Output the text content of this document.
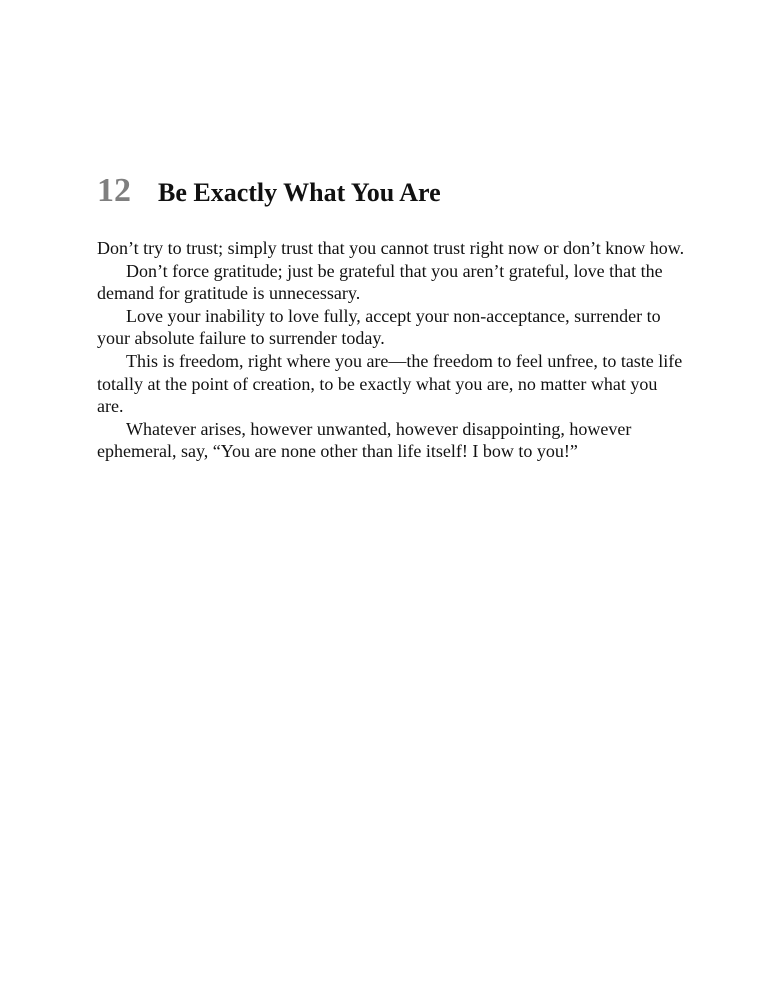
12 Be Exactly What You Are

Don’t try to trust; simply trust that you cannot trust right now or don’t know how.

Don’t force gratitude; just be grateful that you aren’t grateful, love that the demand for gratitude is unnecessary.

Love your inability to love fully, accept your non-acceptance, surrender to your absolute failure to surrender today.

This is freedom, right where you are—the freedom to feel unfree, to taste life totally at the point of creation, to be exactly what you are, no matter what you are.

Whatever arises, however unwanted, however disappointing, however ephemeral, say, “You are none other than life itself! I bow to you!”
